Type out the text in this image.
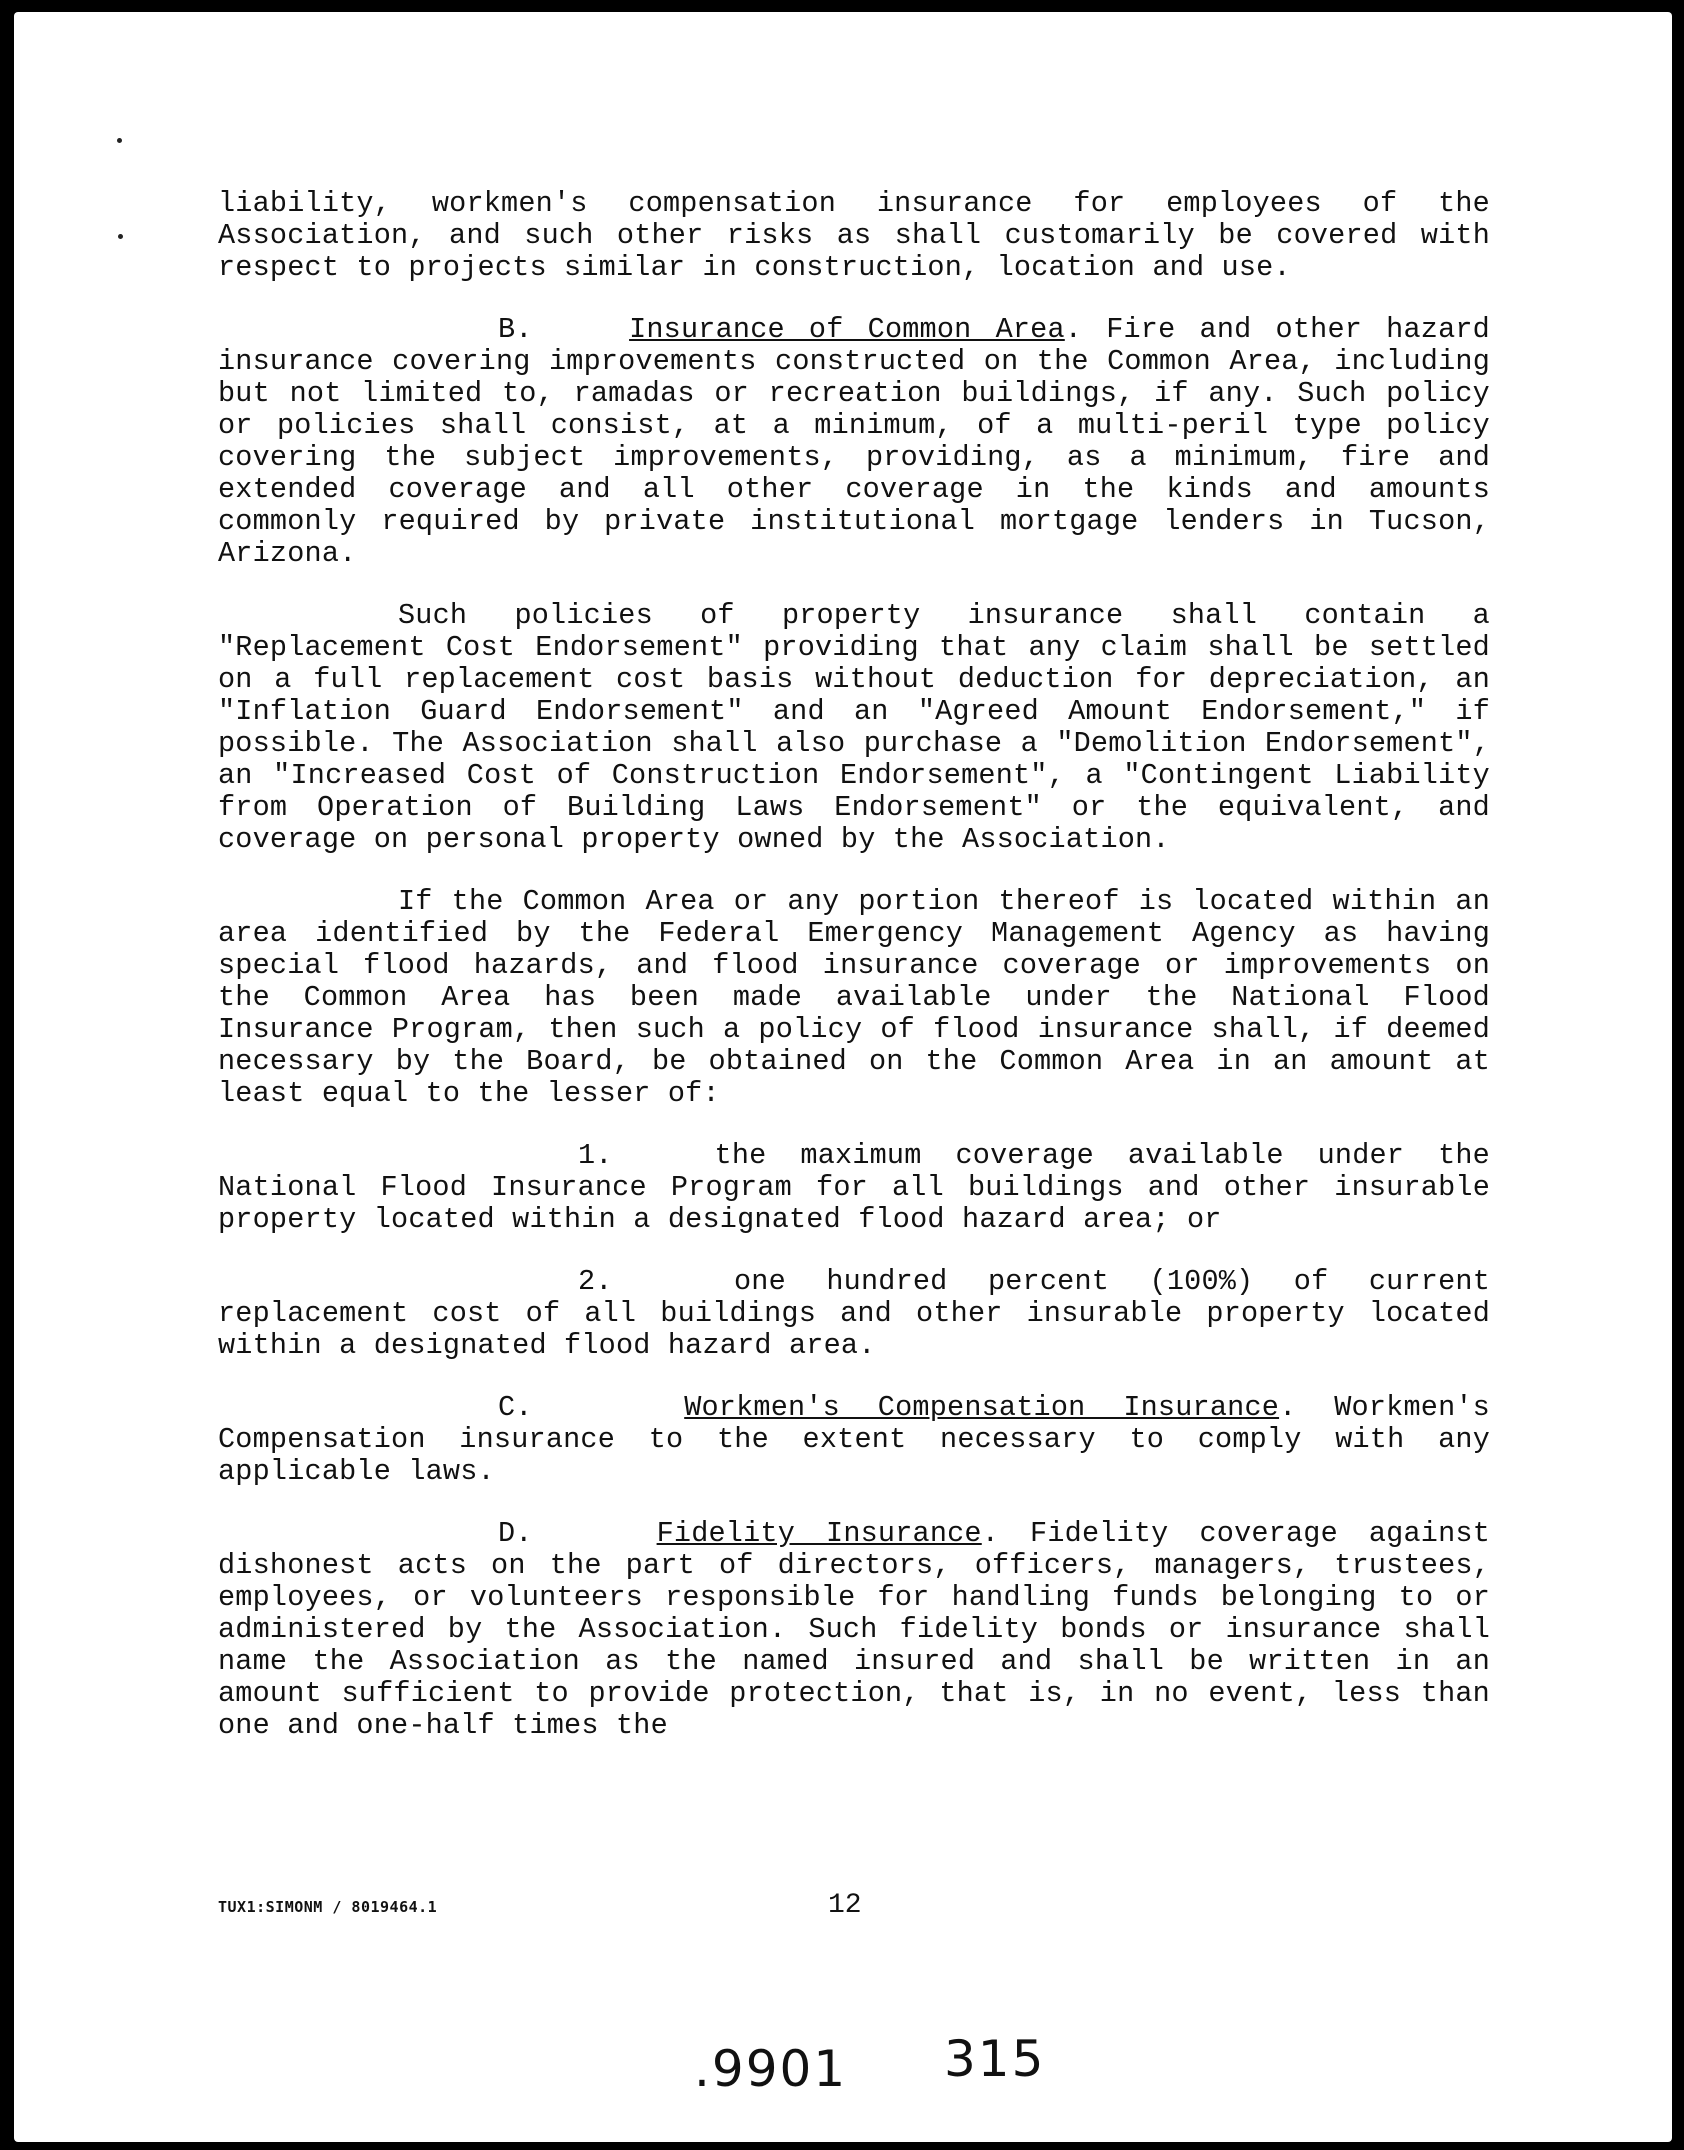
liability, workmen's compensation insurance for employees of the Association, and such other risks as shall customarily be covered with respect to projects similar in construction, location and use.

B.	Insurance of Common Area. Fire and other hazard insurance covering improvements constructed on the Common Area, including but not limited to, ramadas or recreation buildings, if any. Such policy or policies shall consist, at a minimum, of a multi-peril type policy covering the subject improvements, providing, as a minimum, fire and extended coverage and all other coverage in the kinds and amounts commonly required by private institutional mortgage lenders in Tucson, Arizona.

Such policies of property insurance shall contain a "Replacement Cost Endorsement" providing that any claim shall be settled on a full replacement cost basis without deduction for depreciation, an "Inflation Guard Endorsement" and an "Agreed Amount Endorsement," if possible. The Association shall also purchase a "Demolition Endorsement", an "Increased Cost of Construction Endorsement", a "Contingent Liability from Operation of Building Laws Endorsement" or the equivalent, and coverage on personal property owned by the Association.

If the Common Area or any portion thereof is located within an area identified by the Federal Emergency Management Agency as having special flood hazards, and flood insurance coverage or improvements on the Common Area has been made available under the National Flood Insurance Program, then such a policy of flood insurance shall, if deemed necessary by the Board, be obtained on the Common Area in an amount at least equal to the lesser of:

1.	the maximum coverage available under the National Flood Insurance Program for all buildings and other insurable property located within a designated flood hazard area; or

2.	one hundred percent (100%) of current replacement cost of all buildings and other insurable property located within a designated flood hazard area.

C.	Workmen's Compensation Insurance. Workmen's Compensation insurance to the extent necessary to comply with any applicable laws.

D.	Fidelity Insurance. Fidelity coverage against dishonest acts on the part of directors, officers, managers, trustees, employees, or volunteers responsible for handling funds belonging to or administered by the Association. Such fidelity bonds or insurance shall name the Association as the named insured and shall be written in an amount sufficient to provide protection, that is, in no event, less than one and one-half times the

TUX1:SIMONM / 8019464.1	12
.9901 315
